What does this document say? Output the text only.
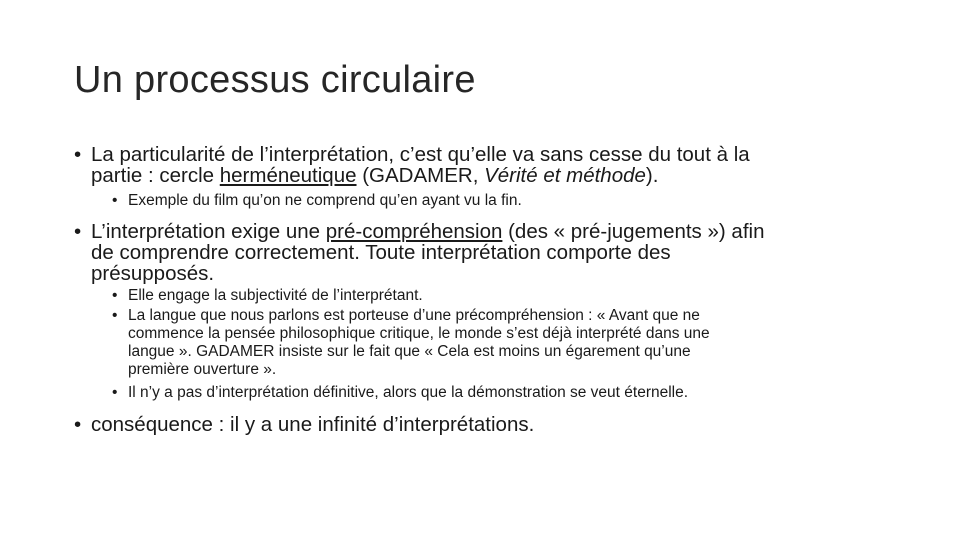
Un processus circulaire
• La particularité de l’interprétation, c’est qu’elle va sans cesse du tout à la
partie : cercle herméneutique (GADAMER, Vérité et méthode).
• Exemple du film qu’on ne comprend qu’en ayant vu la fin.
• L’interprétation exige une pré-compréhension (des « pré-jugements ») afin
de comprendre correctement. Toute interprétation comporte des
présupposés.
• Elle engage la subjectivité de l’interprétant.
• La langue que nous parlons est porteuse d’une précompréhension : « Avant que ne
commence la pensée philosophique critique, le monde s’est déjà interprété dans une
langue ». GADAMER insiste sur le fait que « Cela est moins un égarement qu’une
première ouverture ».
• Il n’y a pas d’interprétation définitive, alors que la démonstration se veut éternelle.
• conséquence : il y a une infinité d’interprétations.
